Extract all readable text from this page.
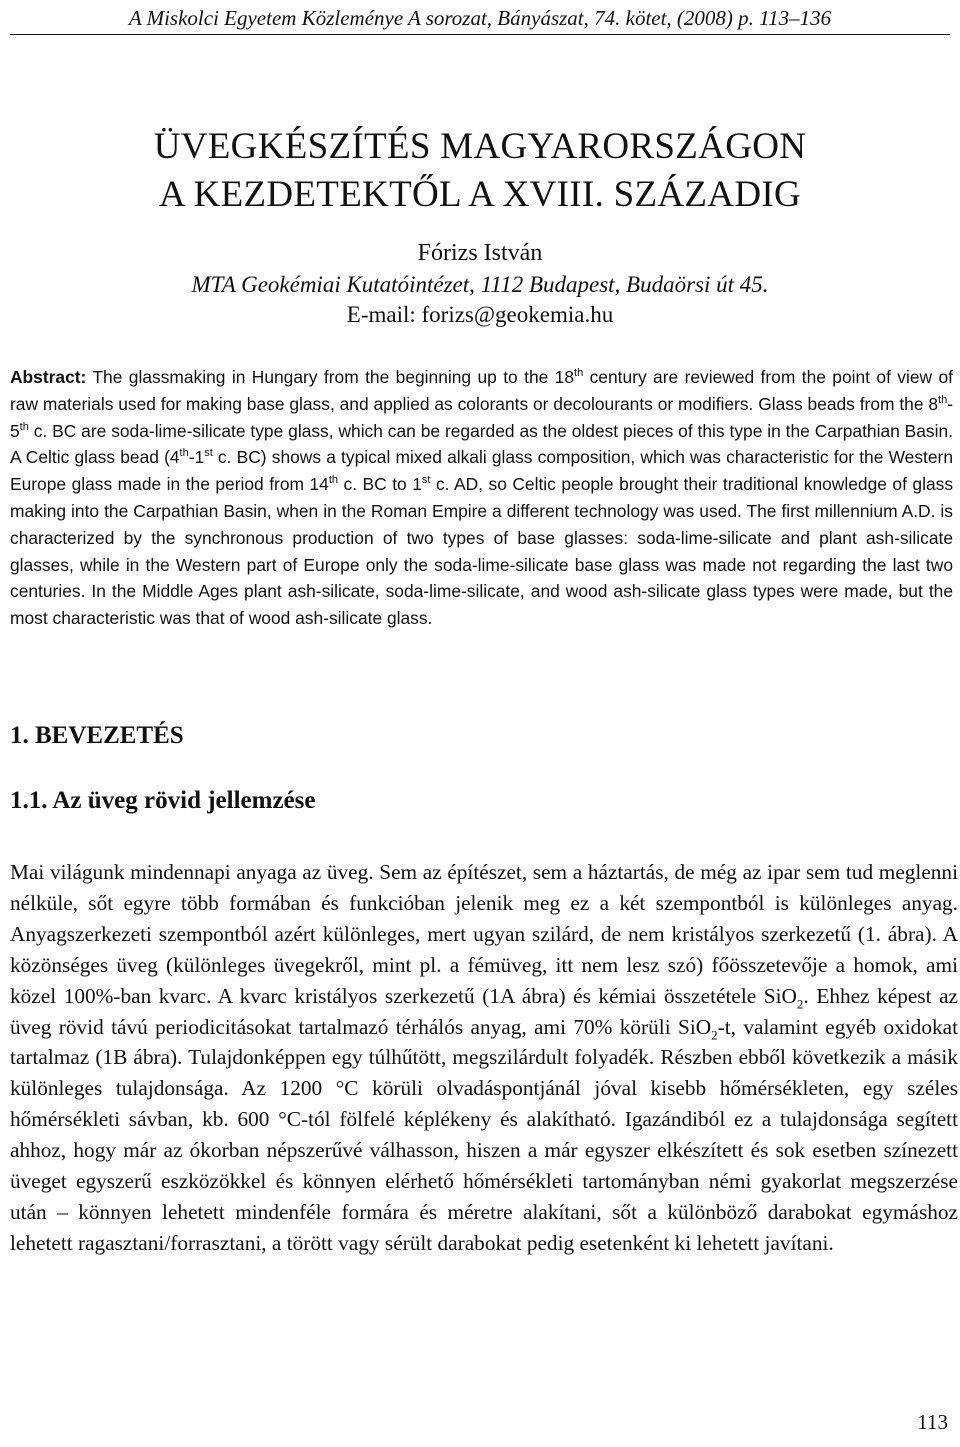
A Miskolci Egyetem Közleménye A sorozat, Bányászat, 74. kötet, (2008) p. 113–136
ÜVEGKÉSZÍTÉS MAGYARORSZÁGON
A KEZDETEKTŐL A XVIII. SZÁZADIG
Fórizs István
MTA Geokémiai Kutatóintézet, 1112 Budapest, Budaörsi út 45.
E-mail: forizs@geokemia.hu

Abstract: The glassmaking in Hungary from the beginning up to the 18th century are reviewed from the point of view of raw materials used for making base glass, and applied as colorants or decolourants or modifiers. Glass beads from the 8th-5th c. BC are soda-lime-silicate type glass, which can be regarded as the oldest pieces of this type in the Carpathian Basin. A Celtic glass bead (4th-1st c. BC) shows a typical mixed alkali glass composition, which was characteristic for the Western Europe glass made in the period from 14th c. BC to 1st c. AD, so Celtic people brought their traditional knowledge of glass making into the Carpathian Basin, when in the Roman Empire a different technology was used. The first millennium A.D. is characterized by the synchronous production of two types of base glasses: soda-lime-silicate and plant ash-silicate glasses, while in the Western part of Europe only the soda-lime-silicate base glass was made not regarding the last two centuries. In the Middle Ages plant ash-silicate, soda-lime-silicate, and wood ash-silicate glass types were made, but the most characteristic was that of wood ash-silicate glass.

1. BEVEZETÉS
1.1. Az üveg rövid jellemzése

Mai világunk mindennapi anyaga az üveg. Sem az építészet, sem a háztartás, de még az ipar sem tud meglenni nélküle, sőt egyre több formában és funkcióban jelenik meg ez a két szempontból is különleges anyag. Anyagszerkezeti szempontból azért különleges, mert ugyan szilárd, de nem kristályos szerkezetű (1. ábra). A közönséges üveg (különleges üvegekről, mint pl. a fémüveg, itt nem lesz szó) főösszetevője a homok, ami közel 100%-ban kvarc. A kvarc kristályos szerkezetű (1A ábra) és kémiai összetétele SiO$_2$. Ehhez képest az üveg rövid távú periodicitásokat tartalmazó térhálós anyag, ami 70% körüli SiO$_2$-t, valamint egyéb oxidokat tartalmaz (1B ábra). Tulajdonképpen egy túlhűtött, megszilárdult folyadék. Részben ebből következik a másik különleges tulajdonsága. Az 1200 °C körüli olvadáspontjánál jóval kisebb hőmérsékleten, egy széles hőmérsékleti sávban, kb. 600 °C-tól fölfelé képlékeny és alakítható. Igazándiból ez a tulajdonsága segített ahhoz, hogy már az ókorban népszerűvé válhasson, hiszen a már egyszer elkészített és sok esetben színezett üveget egyszerű eszközökkel és könnyen elérhető hőmérsékleti tartományban némi gyakorlat megszerzése után – könnyen lehetett mindenféle formára és méretre alakítani, sőt a különböző darabokat egymáshoz lehetett ragasztani/forrasztani, a törött vagy sérült darabokat pedig esetenként ki lehetett javítani.

113
